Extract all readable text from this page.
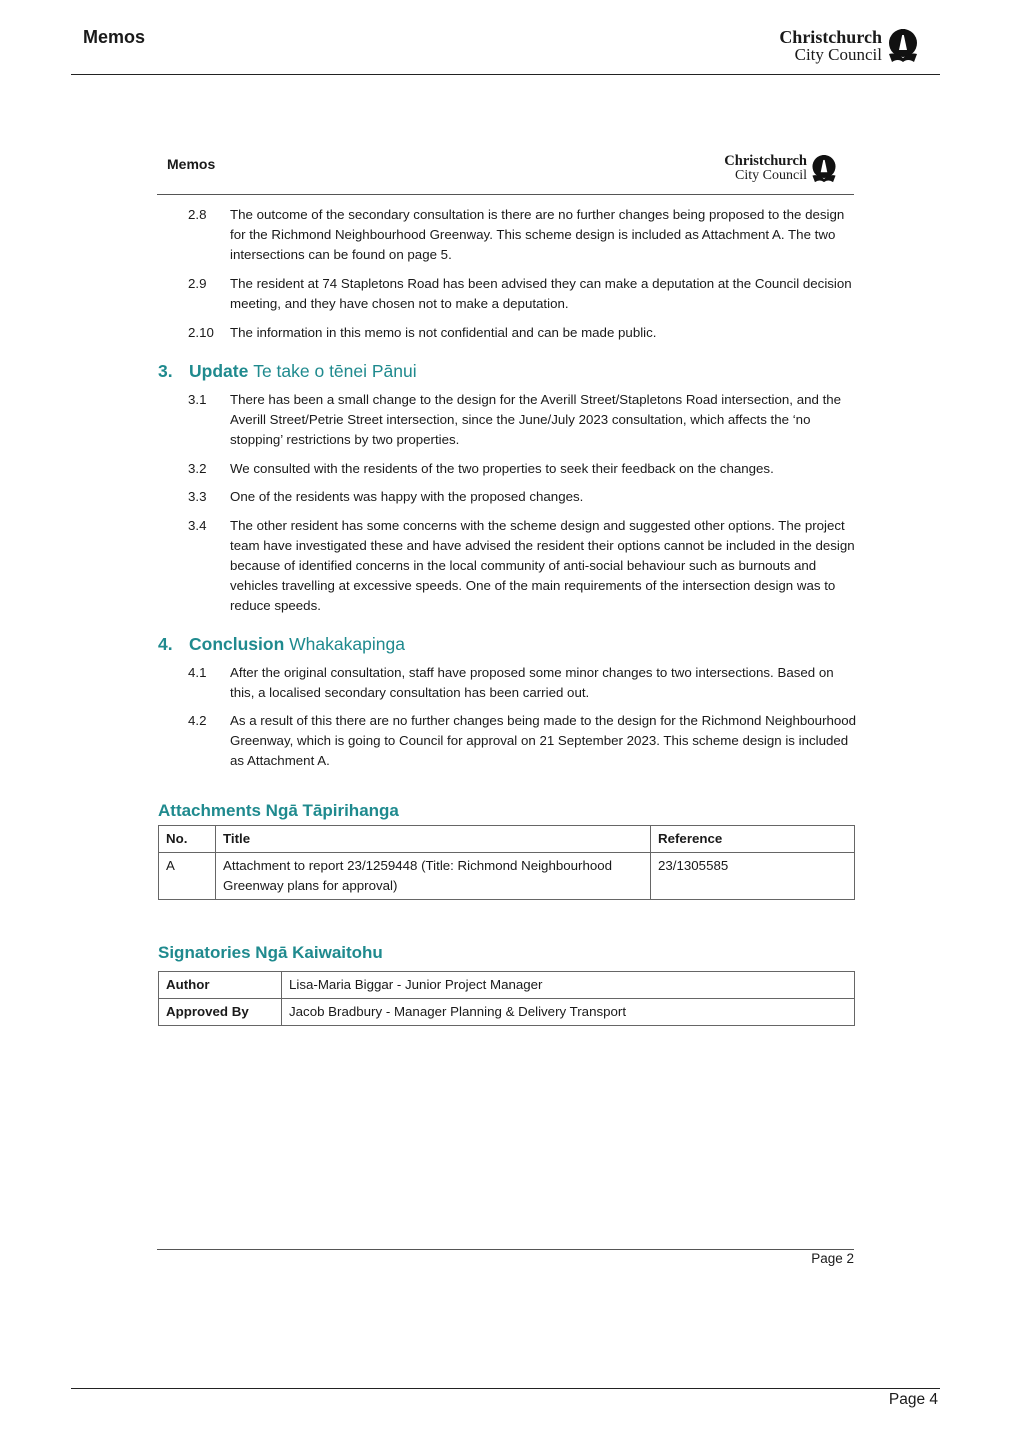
Memos	Christchurch
City Council
Memos	Christchurch
City Council
2.8	The outcome of the secondary consultation is there are no further changes being proposed to the design for the Richmond Neighbourhood Greenway. This scheme design is included as Attachment A. The two intersections can be found on page 5.
2.9	The resident at 74 Stapletons Road has been advised they can make a deputation at the Council decision meeting, and they have chosen not to make a deputation.
2.10	The information in this memo is not confidential and can be made public.
3. Update Te take o tēnei Pānui
3.1	There has been a small change to the design for the Averill Street/Stapletons Road intersection, and the Averill Street/Petrie Street intersection, since the June/July 2023 consultation, which affects the ‘no stopping’ restrictions by two properties.
3.2	We consulted with the residents of the two properties to seek their feedback on the changes.
3.3	One of the residents was happy with the proposed changes.
3.4	The other resident has some concerns with the scheme design and suggested other options. The project team have investigated these and have advised the resident their options cannot be included in the design because of identified concerns in the local community of anti-social behaviour such as burnouts and vehicles travelling at excessive speeds. One of the main requirements of the intersection design was to reduce speeds.
4. Conclusion Whakakapinga
4.1	After the original consultation, staff have proposed some minor changes to two intersections. Based on this, a localised secondary consultation has been carried out.
4.2	As a result of this there are no further changes being made to the design for the Richmond Neighbourhood Greenway, which is going to Council for approval on 21 September 2023. This scheme design is included as Attachment A.
Attachments Ngā Tāpirihanga
No.	Title	Reference
A	Attachment to report 23/1259448 (Title: Richmond Neighbourhood Greenway plans for approval)	23/1305585
Signatories Ngā Kaiwaitohu
Author	Lisa-Maria Biggar - Junior Project Manager
Approved By	Jacob Bradbury - Manager Planning & Delivery Transport
Page 2
Page 4
